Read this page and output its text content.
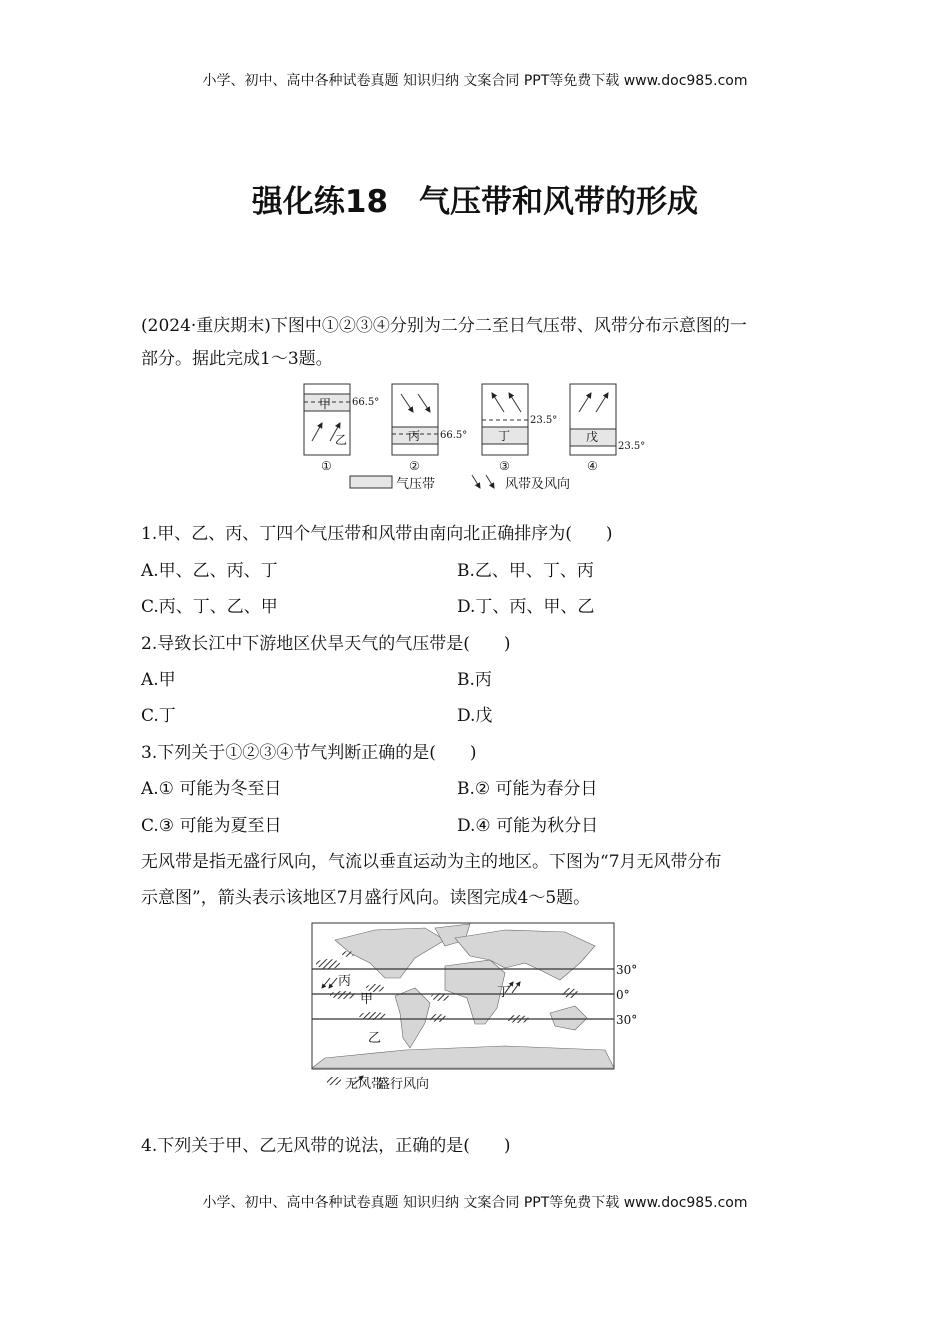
小学、初中、高中各种试卷真题 知识归纳 文案合同 PPT等免费下载 www.doc985.com
强化练18　气压带和风带的形成
(2024·重庆期末)下图中①②③④分别为二分二至日气压带、风带分布示意图的一
部分。据此完成1～3题。
甲
乙	丙	丁	戊
66.5°
66.5°
23.5°
23.5°
①	②	③	④
气压带	风带及风向
1.甲、乙、丙、丁四个气压带和风带由南向北正确排序为(　　)
A.甲、乙、丙、丁	B.乙、甲、丁、丙
C.丙、丁、乙、甲	D.丁、丙、甲、乙
2.导致长江中下游地区伏旱天气的气压带是(　　)
A.甲	B.丙
C.丁	D.戊
3.下列关于①②③④节气判断正确的是(　　)
A.① 可能为冬至日	B.② 可能为春分日
C.③ 可能为夏至日	D.④ 可能为秋分日
无风带是指无盛行风向，气流以垂直运动为主的地区。下图为“7月无风带分布
示意图”，箭头表示该地区7月盛行风向。读图完成4～5题。
丙
甲
乙
丁
30°
0°
30°
无风带
盛行风向
4.下列关于甲、乙无风带的说法，正确的是(　　)
小学、初中、高中各种试卷真题 知识归纳 文案合同 PPT等免费下载 www.doc985.com
